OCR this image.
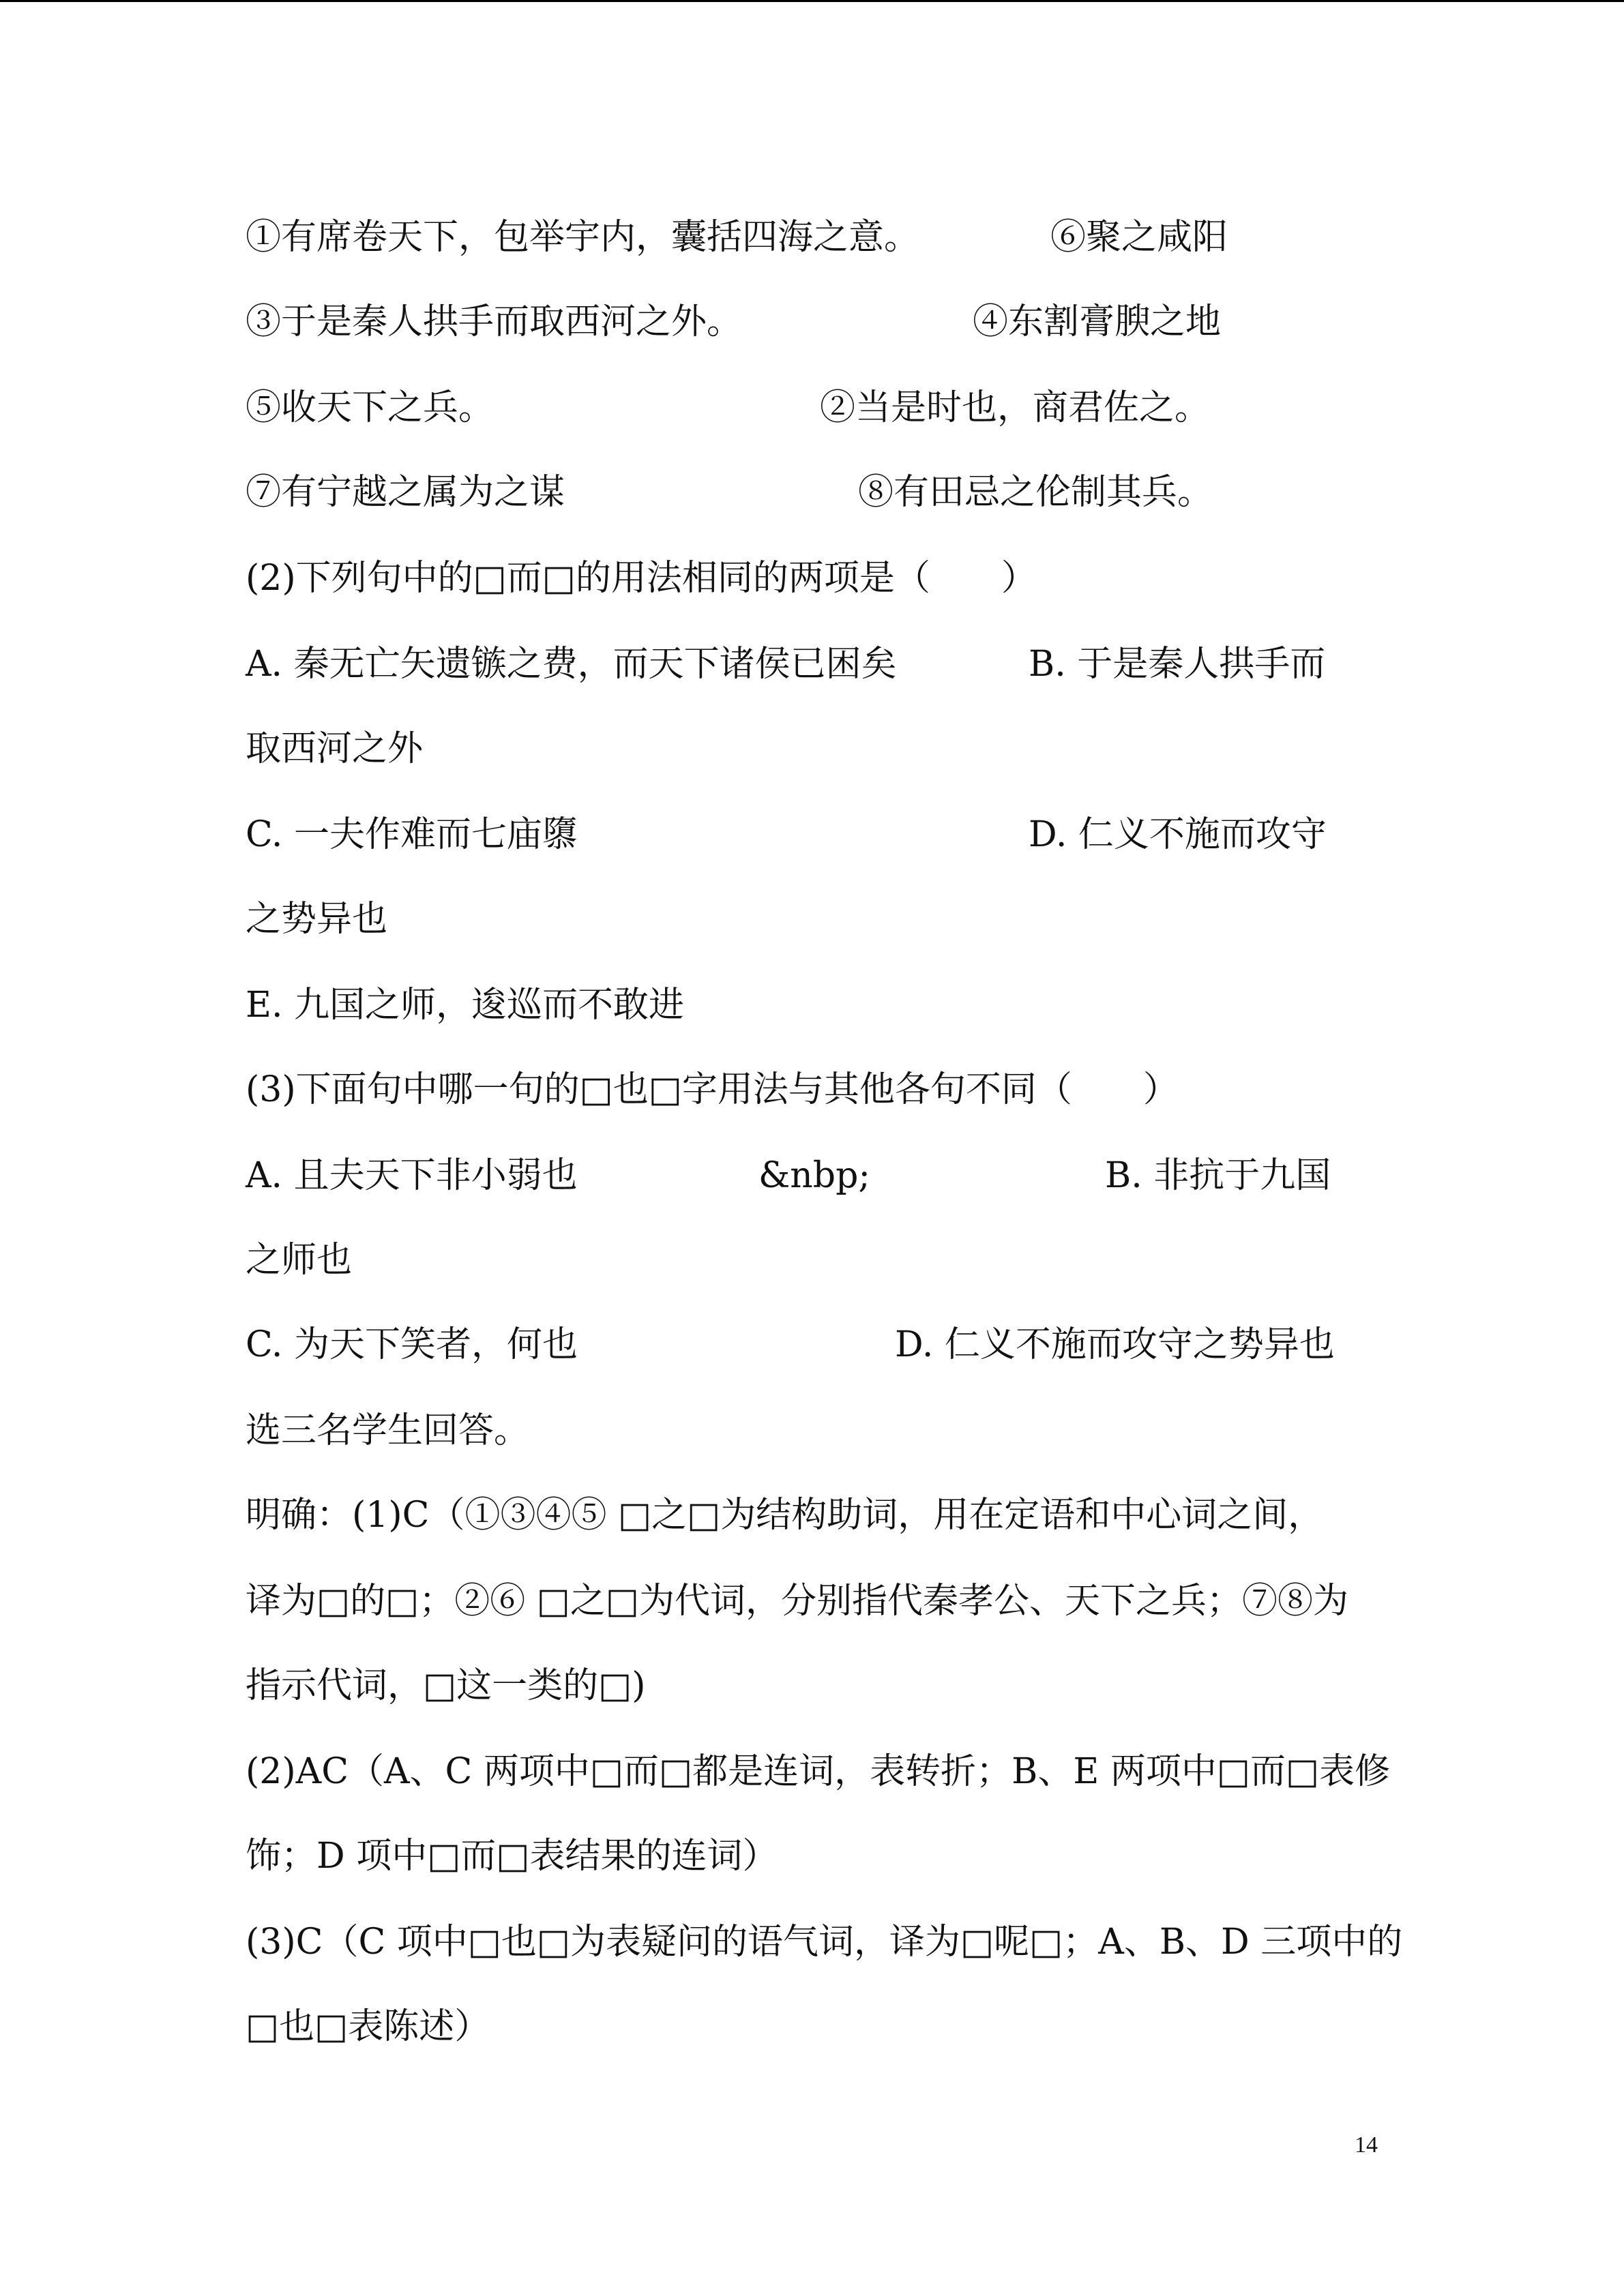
①有席卷天下，包举宇内，囊括四海之意。	⑥聚之咸阳
③于是秦人拱手而取西河之外。	④东割膏腴之地
⑤收天下之兵。	②当是时也，商君佐之。
⑦有宁越之属为之谋	⑧有田忌之伦制其兵。
(2)下列句中的□而□的用法相同的两项是（　　）
A. 秦无亡矢遗镞之费，而天下诸侯已困矣	B. 于是秦人拱手而
取西河之外
C. 一夫作难而七庙隳	D. 仁义不施而攻守
之势异也
E. 九国之师，逡巡而不敢进
(3)下面句中哪一句的□也□字用法与其他各句不同（　　）
A. 且夫天下非小弱也	&nbp;	B. 非抗于九国
之师也
C. 为天下笑者，何也	D. 仁义不施而攻守之势异也
选三名学生回答。
明确：(1)C（①③④⑤ □之□为结构助词，用在定语和中心词之间，
译为□的□；②⑥ □之□为代词，分别指代秦孝公、天下之兵；⑦⑧为
指示代词，□这一类的□)
(2)AC（A、C 两项中□而□都是连词，表转折；B、E 两项中□而□表修
饰；D 项中□而□表结果的连词）
(3)C（C 项中□也□为表疑问的语气词，译为□呢□；A、B、D 三项中的
□也□表陈述）
14
